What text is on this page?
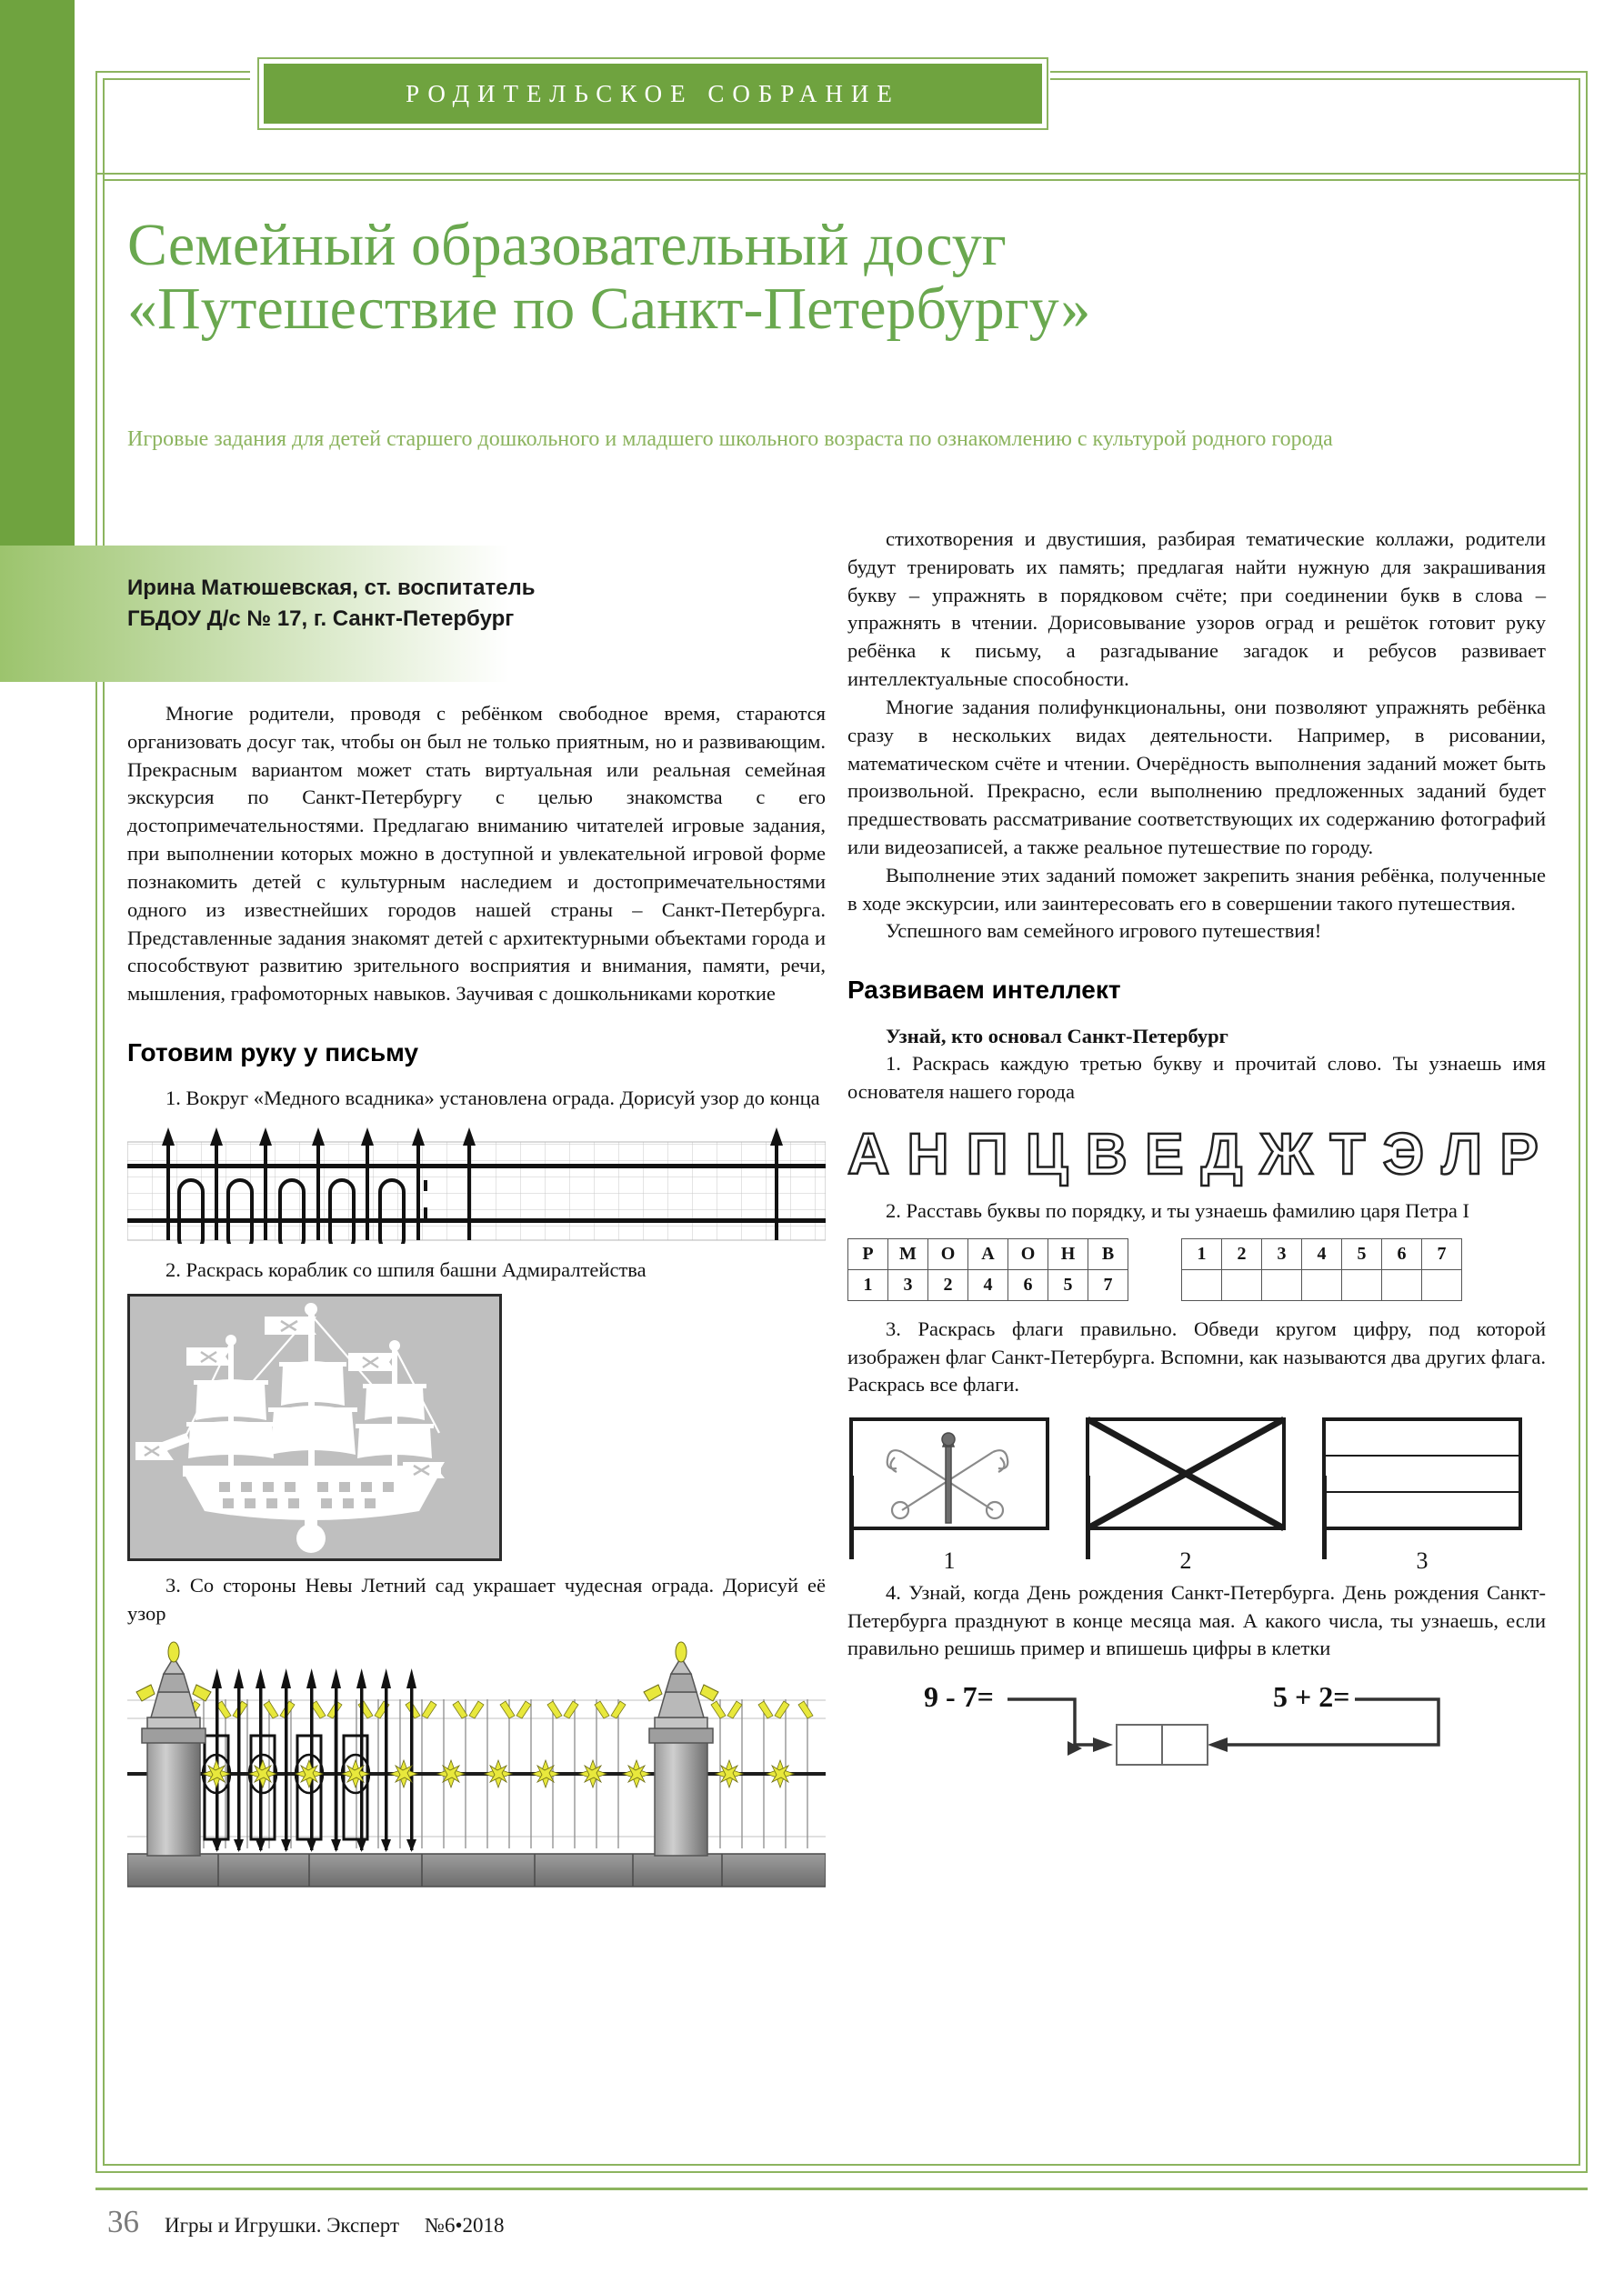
РОДИТЕЛЬСКОЕ СОБРАНИЕ
Семейный образовательный досуг
«Путешествие по Санкт-Петербургу»
Игровые задания для детей старшего дошкольного и младшего школьного возраста по ознакомлению с культурой родного города
Ирина Матюшевская, ст. воспитатель
ГБДОУ Д/с № 17, г. Санкт-Петербург

Многие родители, проводя с ребёнком свободное время, стараются организовать досуг так, чтобы он был не только приятным, но и развивающим. Прекрасным вариантом может стать виртуальная или реальная семейная экскурсия по Санкт-Петербургу с целью знакомства с его достопримечательностями. Предлагаю вниманию читателей игровые задания, при выполнении которых можно в доступной и увлекательной игровой форме познакомить детей с культурным наследием и достопримечательностями одного из известнейших городов нашей страны – Санкт-Петербурга. Представленные задания знакомят детей с архитектурными объектами города и способствуют развитию зрительного восприятия и внимания, памяти, речи, мышления, графомоторных навыков. Заучивая с дошкольниками короткие

Готовим руку у письму

1. Вокруг «Медного всадника» установлена ограда. Дорисуй узор до конца

2. Раскрась кораблик со шпиля башни Адмиралтейства

3. Со стороны Невы Летний сад украшает чудесная ограда. Дорисуй её узор

стихотворения и двустишия, разбирая тематические коллажи, родители будут тренировать их память; предлагая найти нужную для закрашивания букву – упражнять в порядковом счёте; при соединении букв в слова – упражнять в чтении. Дорисовывание узоров оград и решёток готовит руку ребёнка к письму, а разгадывание загадок и ребусов развивает интеллектуальные способности.

Многие задания полифункциональны, они позволяют упражнять ребёнка сразу в нескольких видах деятельности. Например, в рисовании, математическом счёте и чтении. Очерёдность выполнения заданий может быть произвольной. Прекрасно, если выполнению предложенных заданий будет предшествовать рассматривание соответствующих их содержанию фотографий или видеозаписей, а также реальное путешествие по городу.

Выполнение этих заданий поможет закрепить знания ребёнка, полученные в ходе экскурсии, или заинтересовать его в совершении такого путешествия.

Успешного вам семейного игрового путешествия!

Развиваем интеллект

Узнай, кто основал Санкт-Петербург

1. Раскрась каждую третью букву и прочитай слово. Ты узнаешь имя основателя нашего города

А Н П Ц В Е Д Ж Т Э Л Р

2. Расставь буквы по порядку, и ты узнаешь фамилию царя Петра I

Р	М	О	А	О	Н	В
1	3	2	4	6	5	7
1	2	3	4	5	6	7

3. Раскрась флаги правильно. Обведи кругом цифру, под которой изображен флаг Санкт-Петербурга. Вспомни, как называются два других флага. Раскрась все флаги.

1	2	3

4. Узнай, когда День рождения Санкт-Петербурга. День рождения Санкт-Петербурга празднуют в конце месяца мая. А какого числа, ты узнаешь, если правильно решишь пример и впишешь цифры в клетки

9 - 7=	5 + 2=
36 Игры и Игрушки. Эксперт №6•2018
